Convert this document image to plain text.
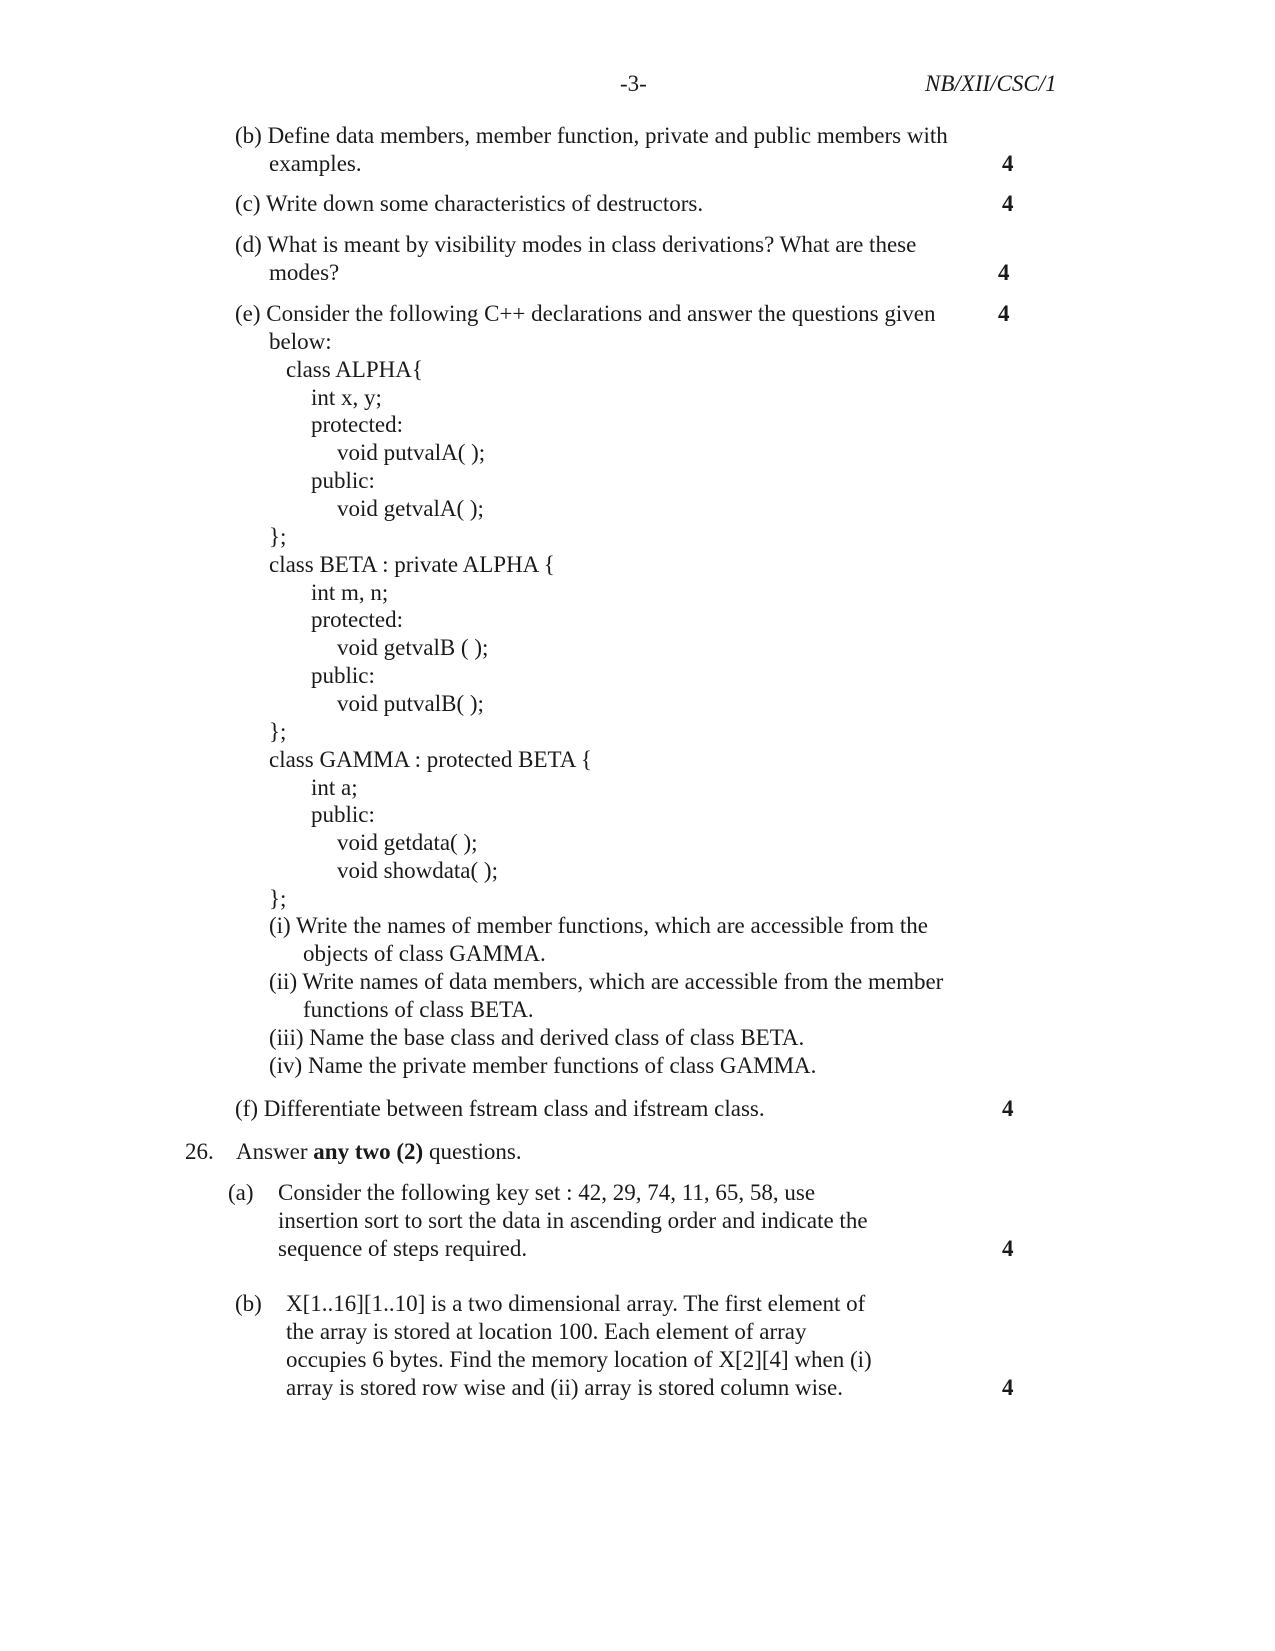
-3-	NB/XII/CSC/1
(b) Define data members, member function, private and public members with
examples.	4
(c) Write down some characteristics of destructors.	4
(d) What is meant by visibility modes in class derivations? What are these
modes?	4
(e) Consider the following C++ declarations and answer the questions given	4
below:
class ALPHA{
int x, y;
protected:
void putvalA( );
public:
void getvalA( );
};
class BETA : private ALPHA {
int m, n;
protected:
void getvalB ( );
public:
void putvalB( );
};
class GAMMA : protected BETA {
int a;
public:
void getdata( );
void showdata( );
};
(i) Write the names of member functions, which are accessible from the
objects of class GAMMA.
(ii) Write names of data members, which are accessible from the member
functions of class BETA.
(iii) Name the base class and derived class of class BETA.
(iv) Name the private member functions of class GAMMA.
(f) Differentiate between fstream class and ifstream class.	4
26. Answer any two (2) questions.
(a) Consider the following key set : 42, 29, 74, 11, 65, 58, use
insertion sort to sort the data in ascending order and indicate the
sequence of steps required.	4
(b) X[1..16][1..10] is a two dimensional array. The first element of
the array is stored at location 100. Each element of array
occupies 6 bytes. Find the memory location of X[2][4] when (i)
array is stored row wise and (ii) array is stored column wise.	4
